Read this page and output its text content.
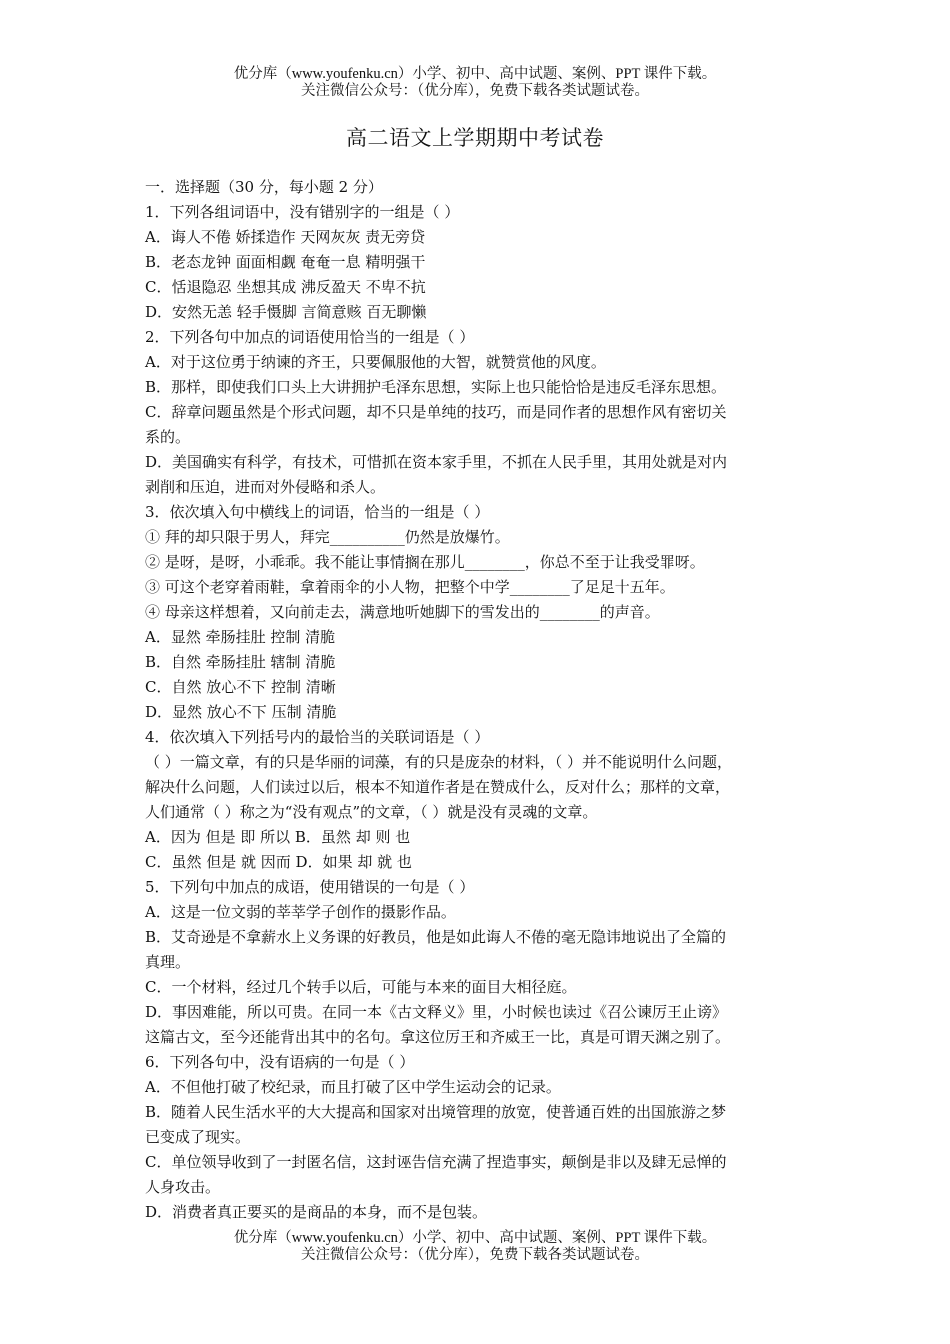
优分库（www.youfenku.cn）小学、初中、高中试题、案例、PPT 课件下载。
关注微信公众号：（优分库），免费下载各类试题试卷。
高二语文上学期期中考试卷

一．选择题（30 分，每小题 2 分）

1．下列各组词语中，没有错别字的一组是（ ）

A．诲人不倦 娇揉造作 天网灰灰 责无旁贷

B．老态龙钟 面面相觑 奄奄一息 精明强干

C．恬退隐忍 坐想其成 沸反盈天 不卑不抗

D．安然无恙 轻手慑脚 言简意赅 百无聊懒

2．下列各句中加点的词语使用恰当的一组是（ ）

A．对于这位勇于纳谏的齐王，只要佩服他的大智，就赞赏他的风度。

B．那样，即使我们口头上大讲拥护毛泽东思想，实际上也只能恰恰是违反毛泽东思想。

C．辞章问题虽然是个形式问题，却不只是单纯的技巧，而是同作者的思想作风有密切关

系的。

D．美国确实有科学，有技术，可惜抓在资本家手里，不抓在人民手里，其用处就是对内

剥削和压迫，进而对外侵略和杀人。

3．依次填入句中横线上的词语，恰当的一组是（ ）

① 拜的却只限于男人，拜完__________仍然是放爆竹。

② 是呀，是呀，小乖乖。我不能让事情搁在那儿________，你总不至于让我受罪呀。

③ 可这个老穿着雨鞋，拿着雨伞的小人物，把整个中学________了足足十五年。

④ 母亲这样想着，又向前走去，满意地听她脚下的雪发出的________的声音。

A．显然 牵肠挂肚 控制 清脆

B．自然 牵肠挂肚 辖制 清脆

C．自然 放心不下 控制 清晰

D．显然 放心不下 压制 清脆

4．依次填入下列括号内的最恰当的关联词语是（ ）

（ ）一篇文章，有的只是华丽的词藻，有的只是庞杂的材料，（ ）并不能说明什么问题，

解决什么问题，人们读过以后，根本不知道作者是在赞成什么，反对什么；那样的文章，

人们通常（ ）称之为“没有观点”的文章，（ ）就是没有灵魂的文章。

A．因为 但是 即 所以 B．虽然 却 则 也

C．虽然 但是 就 因而 D．如果 却 就 也

5．下列句中加点的成语，使用错误的一句是（ ）

A．这是一位文弱的莘莘学子创作的摄影作品。

B．艾奇逊是不拿薪水上义务课的好教员，他是如此诲人不倦的毫无隐讳地说出了全篇的

真理。

C．一个材料，经过几个转手以后，可能与本来的面目大相径庭。

D．事因难能，所以可贵。在同一本《古文释义》里，小时候也读过《召公谏厉王止谤》

这篇古文，至今还能背出其中的名句。拿这位厉王和齐威王一比，真是可谓天渊之别了。

6．下列各句中，没有语病的一句是（ ）

A．不但他打破了校纪录，而且打破了区中学生运动会的记录。

B．随着人民生活水平的大大提高和国家对出境管理的放宽，使普通百姓的出国旅游之梦

已变成了现实。

C．单位领导收到了一封匿名信，这封诬告信充满了捏造事实，颠倒是非以及肆无忌惮的

人身攻击。

D．消费者真正要买的是商品的本身，而不是包装。

优分库（www.youfenku.cn）小学、初中、高中试题、案例、PPT 课件下载。
关注微信公众号：（优分库），免费下载各类试题试卷。
